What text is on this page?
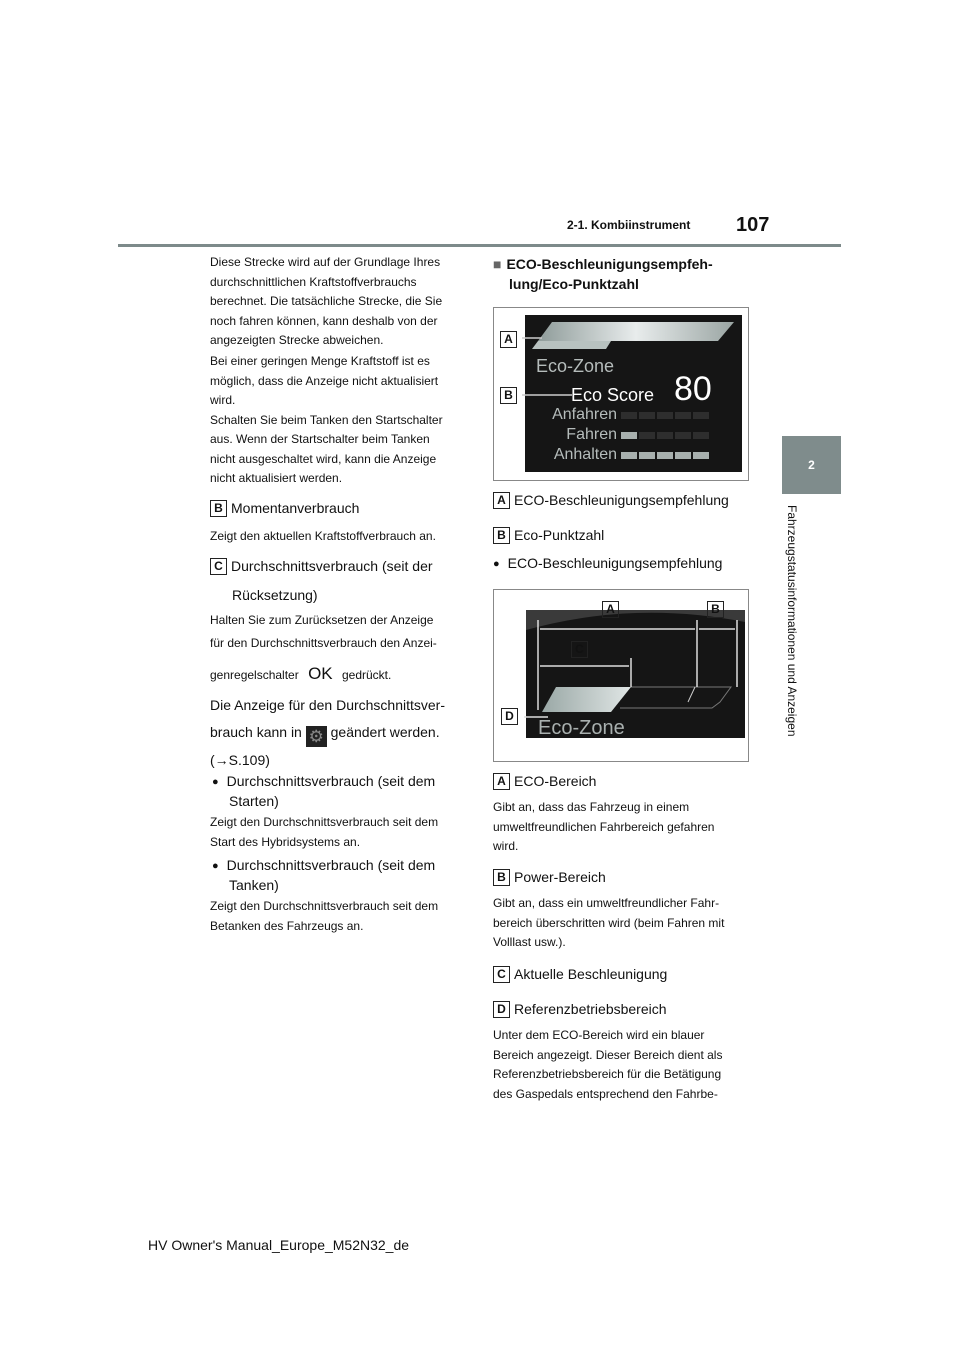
2-1. Kombiinstrument 107
2
Fahrzeugstatusinformationen und Anzeigen
Diese Strecke wird auf der Grundlage Ihres
durchschnittlichen Kraftstoffverbrauchs
berechnet. Die tatsächliche Strecke, die Sie
noch fahren können, kann deshalb von der
angezeigten Strecke abweichen.
Bei einer geringen Menge Kraftstoff ist es
möglich, dass die Anzeige nicht aktualisiert
wird.
Schalten Sie beim Tanken den Startschalter
aus. Wenn der Startschalter beim Tanken
nicht ausgeschaltet wird, kann die Anzeige
nicht aktualisiert werden.
B Momentanverbrauch
Zeigt den aktuellen Kraftstoffverbrauch an.
C Durchschnittsverbrauch (seit der
Rücksetzung)
Halten Sie zum Zurücksetzen der Anzeige
für den Durchschnittsverbrauch den Anzei-
genregelschalter OK gedrückt.
Die Anzeige für den Durchschnittsver-
brauch kann in ⚙ geändert werden.
(→S.109)
● Durchschnittsverbrauch (seit dem
Starten)
Zeigt den Durchschnittsverbrauch seit dem
Start des Hybridsystems an.
● Durchschnittsverbrauch (seit dem
Tanken)
Zeigt den Durchschnittsverbrauch seit dem
Betanken des Fahrzeugs an.
■ ECO-Beschleunigungsempfeh-
lung/Eco-Punktzahl
A
B
Eco-Zone
Eco Score 80
Anfahren
Fahren
Anhalten
A ECO-Beschleunigungsempfehlung
B Eco-Punktzahl
● ECO-Beschleunigungsempfehlung
A	B
C
D
Eco-Zone
A ECO-Bereich
Gibt an, dass das Fahrzeug in einem
umweltfreundlichen Fahrbereich gefahren
wird.
B Power-Bereich
Gibt an, dass ein umweltfreundlicher Fahr-
bereich überschritten wird (beim Fahren mit
Volllast usw.).
C Aktuelle Beschleunigung
D Referenzbetriebsbereich
Unter dem ECO-Bereich wird ein blauer
Bereich angezeigt. Dieser Bereich dient als
Referenzbetriebsbereich für die Betätigung
des Gaspedals entsprechend den Fahrbe-
HV Owner's Manual_Europe_M52N32_de
